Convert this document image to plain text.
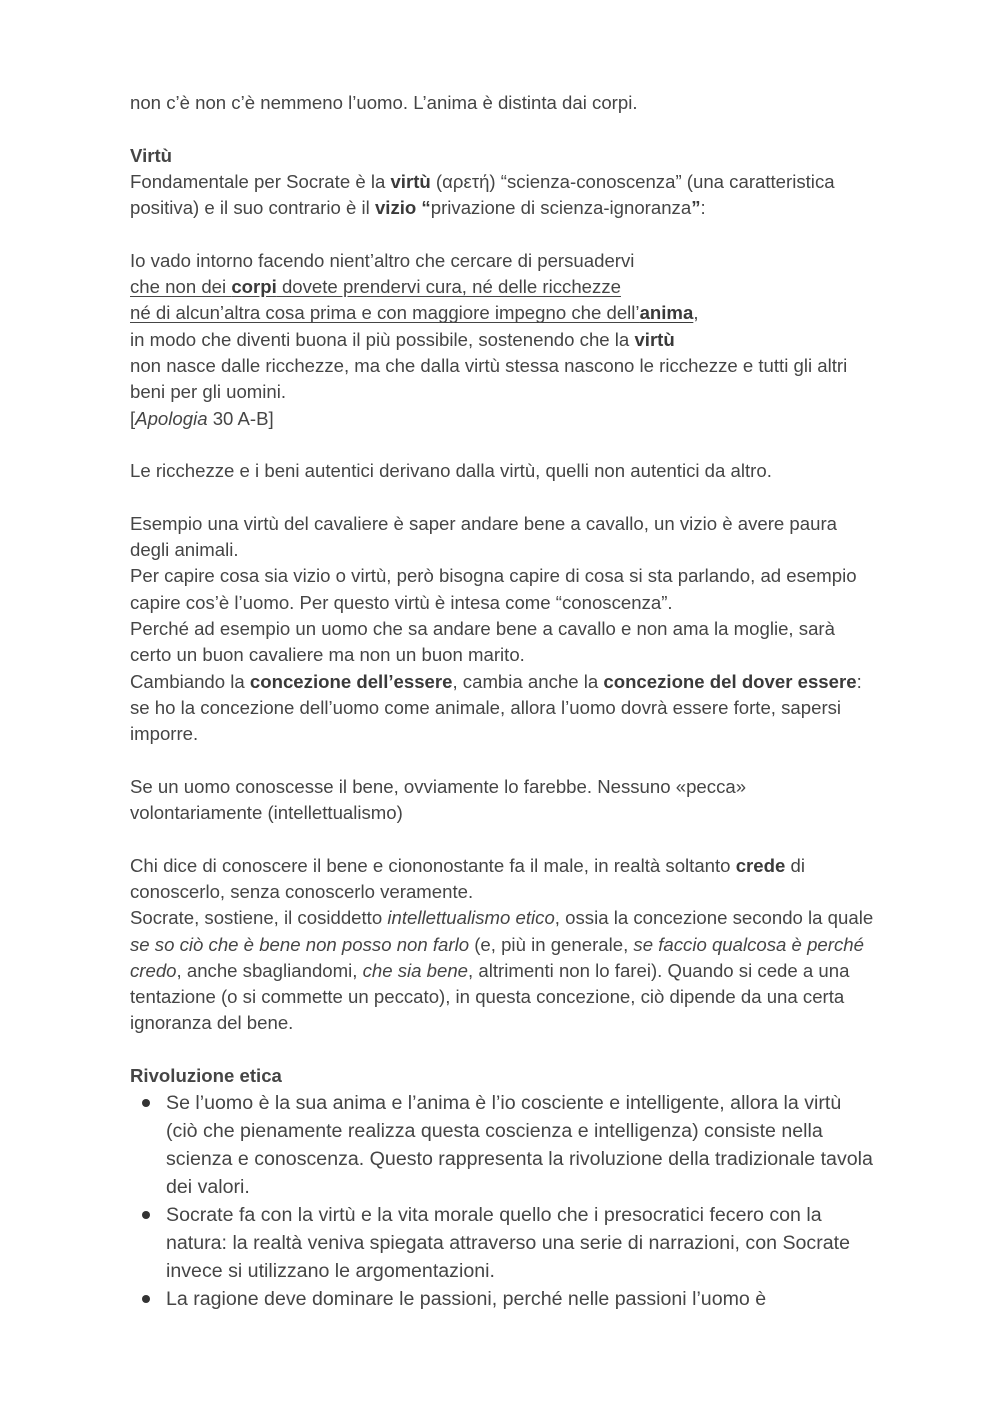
non c’è non c’è nemmeno l’uomo. L’anima è distinta dai corpi.

Virtù

Fondamentale per Socrate è la virtù (αρετή) “scienza-conoscenza” (una caratteristica positiva) e il suo contrario è il vizio “privazione di scienza-ignoranza”:

Io vado intorno facendo nient’altro che cercare di persuadervi

che non dei corpi dovete prendervi cura, né delle ricchezze

né di alcun’altra cosa prima e con maggiore impegno che dell’anima,

in modo che diventi buona il più possibile, sostenendo che la virtù

non nasce dalle ricchezze, ma che dalla virtù stessa nascono le ricchezze e tutti gli altri beni per gli uomini.

[Apologia 30 A-B]

Le ricchezze e i beni autentici derivano dalla virtù, quelli non autentici da altro.

Esempio una virtù del cavaliere è saper andare bene a cavallo, un vizio è avere paura degli animali.

Per capire cosa sia vizio o virtù, però bisogna capire di cosa si sta parlando, ad esempio capire cos’è l’uomo. Per questo virtù è intesa come “conoscenza”.

Perché ad esempio un uomo che sa andare bene a cavallo e non ama la moglie, sarà certo un buon cavaliere ma non un buon marito.

Cambiando la concezione dell’essere, cambia anche la concezione del dover essere: se ho la concezione dell’uomo come animale, allora l’uomo dovrà essere forte, sapersi imporre.

Se un uomo conoscesse il bene, ovviamente lo farebbe. Nessuno «pecca» volontariamente (intellettualismo)

Chi dice di conoscere il bene e ciononostante fa il male, in realtà soltanto crede di conoscerlo, senza conoscerlo veramente.

Socrate, sostiene, il cosiddetto intellettualismo etico, ossia la concezione secondo la quale se so ciò che è bene non posso non farlo (e, più in generale, se faccio qualcosa è perché credo, anche sbagliandomi, che sia bene, altrimenti non lo farei). Quando si cede a una tentazione (o si commette un peccato), in questa concezione, ciò dipende da una certa ignoranza del bene.

Rivoluzione etica

Se l’uomo è la sua anima e l’anima è l’io cosciente e intelligente, allora la virtù (ciò che pienamente realizza questa coscienza e intelligenza) consiste nella scienza e conoscenza. Questo rappresenta la rivoluzione della tradizionale tavola dei valori.
Socrate fa con la virtù e la vita morale quello che i presocratici fecero con la natura: la realtà veniva spiegata attraverso una serie di narrazioni, con Socrate invece si utilizzano le argomentazioni.
La ragione deve dominare le passioni, perché nelle passioni l’uomo è
